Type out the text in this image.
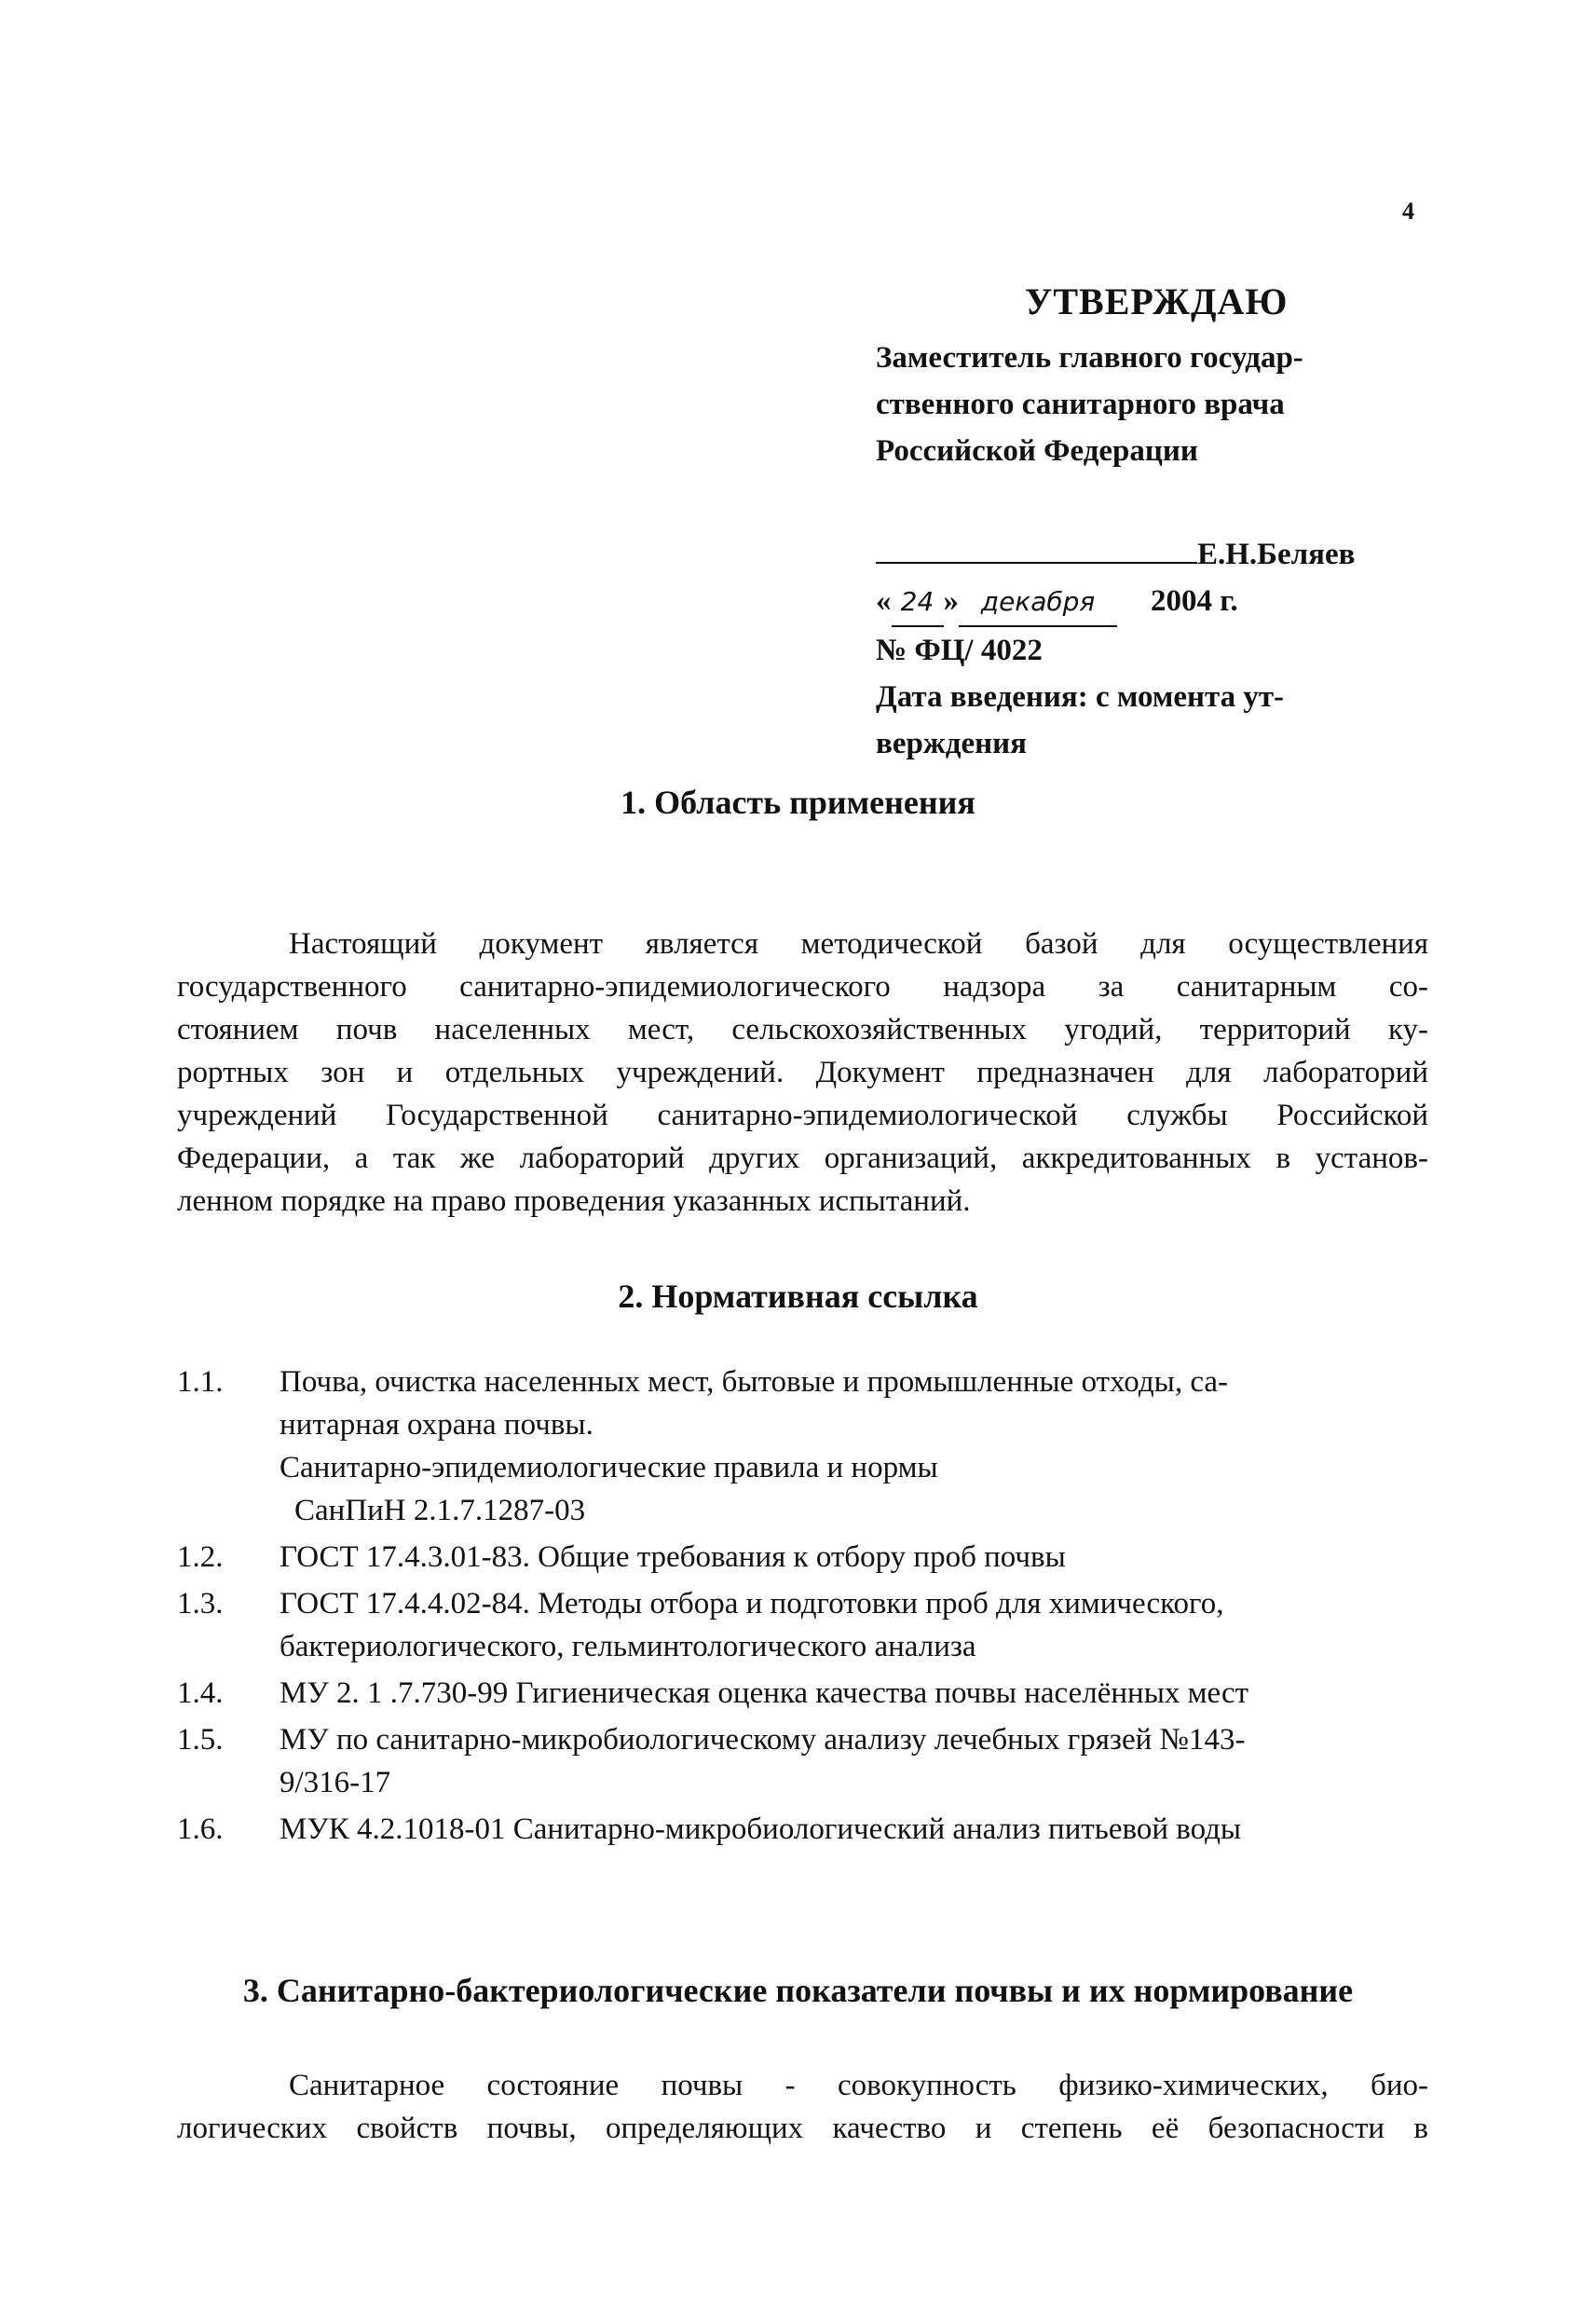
4

УТВЕРЖДАЮ

Заместитель главного государ-

ственного санитарного врача

Российской Федерации

Е.Н.Беляев
« 24 » декабря 2004 г.

№ ФЦ/ 4022

Дата введения: с момента ут-

верждения

1. Область применения
Настоящий документ является методической базой для осуществления
государственного санитарно-эпидемиологического надзора за санитарным со-
стоянием почв населенных мест, сельскохозяйственных угодий, территорий ку-
рортных зон и отдельных учреждений. Документ предназначен для лабораторий
учреждений Государственной санитарно-эпидемиологической службы Российской
Федерации, а так же лабораторий других организаций, аккредитованных в установ-
ленном порядке на право проведения указанных испытаний.
2. Нормативная ссылка
1.1.	Почва, очистка населенных мест, бытовые и промышленные отходы, са-
нитарная охрана почвы.
Санитарно-эпидемиологические правила и нормы
СанПиН 2.1.7.1287-03
1.2.	ГОСТ 17.4.3.01-83. Общие требования к отбору проб почвы
1.3.	ГОСТ 17.4.4.02-84. Методы отбора и подготовки проб для химического,
бактериологического, гельминтологического анализа
1.4.	МУ 2. 1 .7.730-99 Гигиеническая оценка качества почвы населённых мест
1.5.	МУ по санитарно-микробиологическому анализу лечебных грязей №143-
9/316-17
1.6.	МУК 4.2.1018-01 Санитарно-микробиологический анализ питьевой воды
3. Санитарно-бактериологические показатели почвы и их нормирование
Санитарное состояние почвы - совокупность физико-химических, био-
логических свойств почвы, определяющих качество и степень её безопасности в
